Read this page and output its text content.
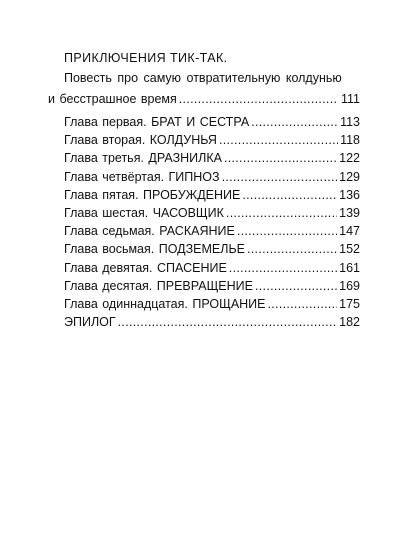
ПРИКЛЮЧЕНИЯ ТИК-ТАК.
Повесть про самую отвратительную колдунью
и бесстрашное время .....	111
Глава первая. БРАТ И СЕСТРА .....	113
Глава вторая. КОЛДУНЬЯ .....	118
Глава третья. ДРАЗНИЛКА .....	122
Глава четвёртая. ГИПНОЗ .....	129
Глава пятая. ПРОБУЖДЕНИЕ .....	136
Глава шестая. ЧАСОВЩИК .....	139
Глава седьмая. РАСКАЯНИЕ .....	147
Глава восьмая. ПОДЗЕМЕЛЬЕ .....	152
Глава девятая. СПАСЕНИЕ .....	161
Глава десятая. ПРЕВРАЩЕНИЕ .....	169
Глава одиннадцатая. ПРОЩАНИЕ .....	175
ЭПИЛОГ .....	182
